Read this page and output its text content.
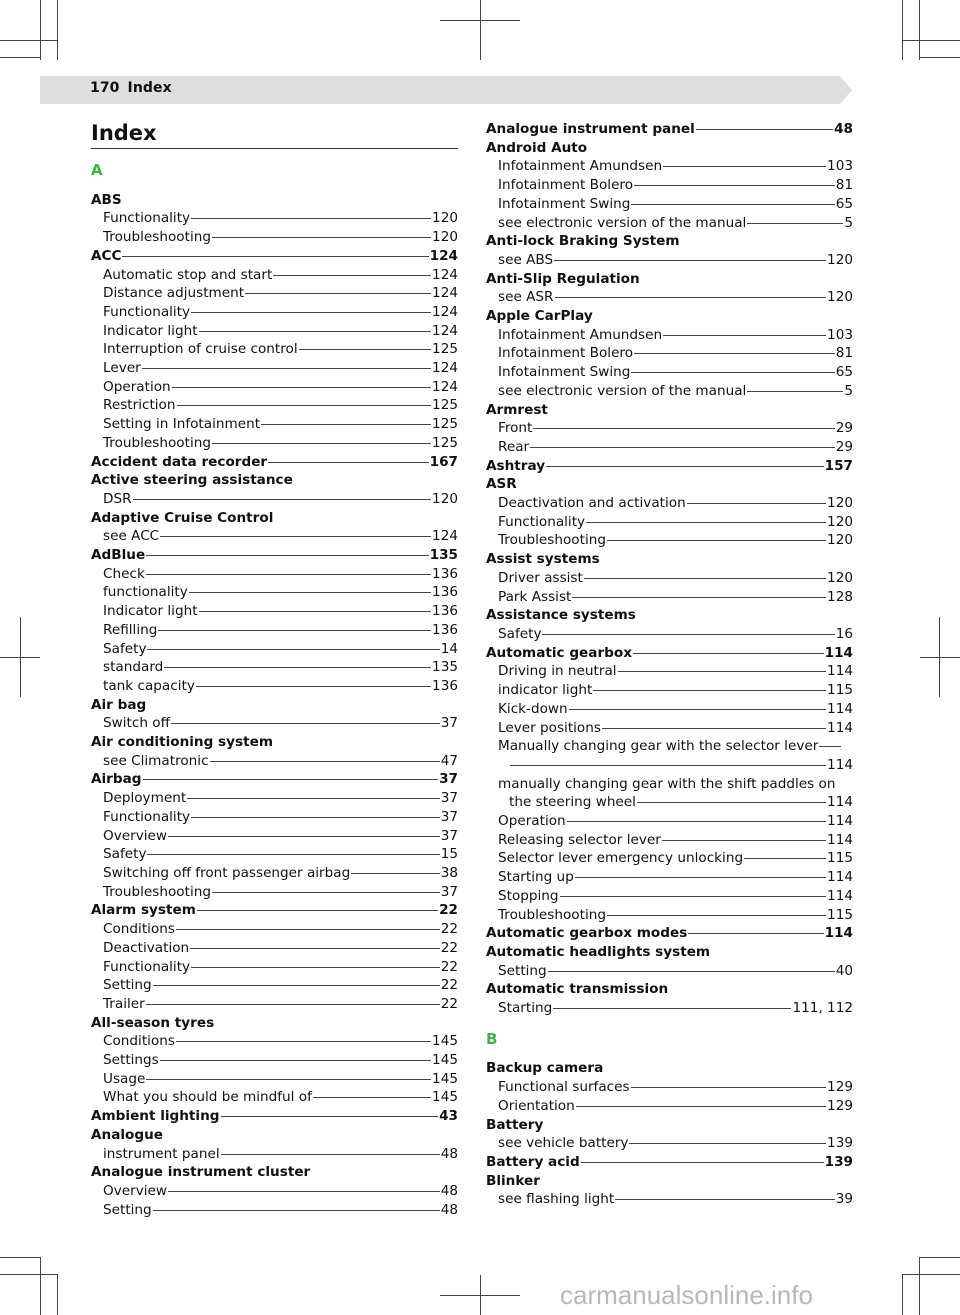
170 Index
Index
A
ABS
Functionality	120
Troubleshooting	120
ACC	124
Automatic stop and start	124
Distance adjustment	124
Functionality	124
Indicator light	124
Interruption of cruise control	125
Lever	124
Operation	124
Restriction	125
Setting in Infotainment	125
Troubleshooting	125
Accident data recorder	167
Active steering assistance
DSR	120
Adaptive Cruise Control
see ACC	124
AdBlue	135
Check	136
functionality	136
Indicator light	136
Refilling	136
Safety	14
standard	135
tank capacity	136
Air bag
Switch off	37
Air conditioning system
see Climatronic	47
Airbag	37
Deployment	37
Functionality	37
Overview	37
Safety	15
Switching off front passenger airbag	38
Troubleshooting	37
Alarm system	22
Conditions	22
Deactivation	22
Functionality	22
Setting	22
Trailer	22
All-season tyres
Conditions	145
Settings	145
Usage	145
What you should be mindful of	145
Ambient lighting	43
Analogue
instrument panel	48
Analogue instrument cluster
Overview	48
Setting	48
Analogue instrument panel	48
Android Auto
Infotainment Amundsen	103
Infotainment Bolero	81
Infotainment Swing	65
see electronic version of the manual	5
Anti-lock Braking System
see ABS	120
Anti-Slip Regulation
see ASR	120
Apple CarPlay
Infotainment Amundsen	103
Infotainment Bolero	81
Infotainment Swing	65
see electronic version of the manual	5
Armrest
Front	29
Rear	29
Ashtray	157
ASR
Deactivation and activation	120
Functionality	120
Troubleshooting	120
Assist systems
Driver assist	120
Park Assist	128
Assistance systems
Safety	16
Automatic gearbox	114
Driving in neutral	114
indicator light	115
Kick-down	114
Lever positions	114
Manually changing gear with the selector lever
114
manually changing gear with the shift paddles on
the steering wheel	114
Operation	114
Releasing selector lever	114
Selector lever emergency unlocking	115
Starting up	114
Stopping	114
Troubleshooting	115
Automatic gearbox modes	114
Automatic headlights system
Setting	40
Automatic transmission
Starting	111, 112
B
Backup camera
Functional surfaces	129
Orientation	129
Battery
see vehicle battery	139
Battery acid	139
Blinker
see flashing light	39
carmanualsonline.info
